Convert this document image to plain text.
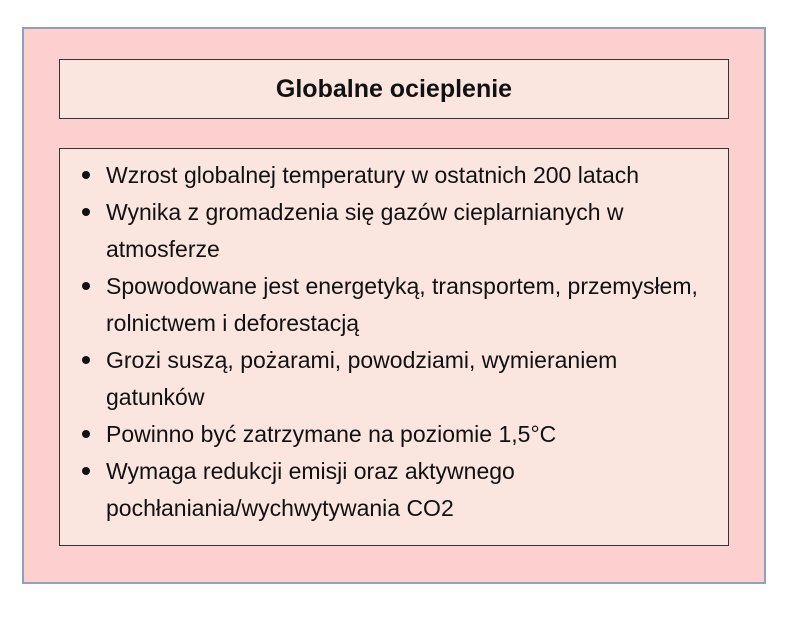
Globalne ocieplenie
Wzrost globalnej temperatury w ostatnich 200 latach
Wynika z gromadzenia się gazów cieplarnianych w atmosferze
Spowodowane jest energetyką, transportem, przemysłem, rolnictwem i deforestacją
Grozi suszą, pożarami, powodziami, wymieraniem gatunków
Powinno być zatrzymane na poziomie 1,5°C
Wymaga redukcji emisji oraz aktywnego pochłaniania/wychwytywania CO2
